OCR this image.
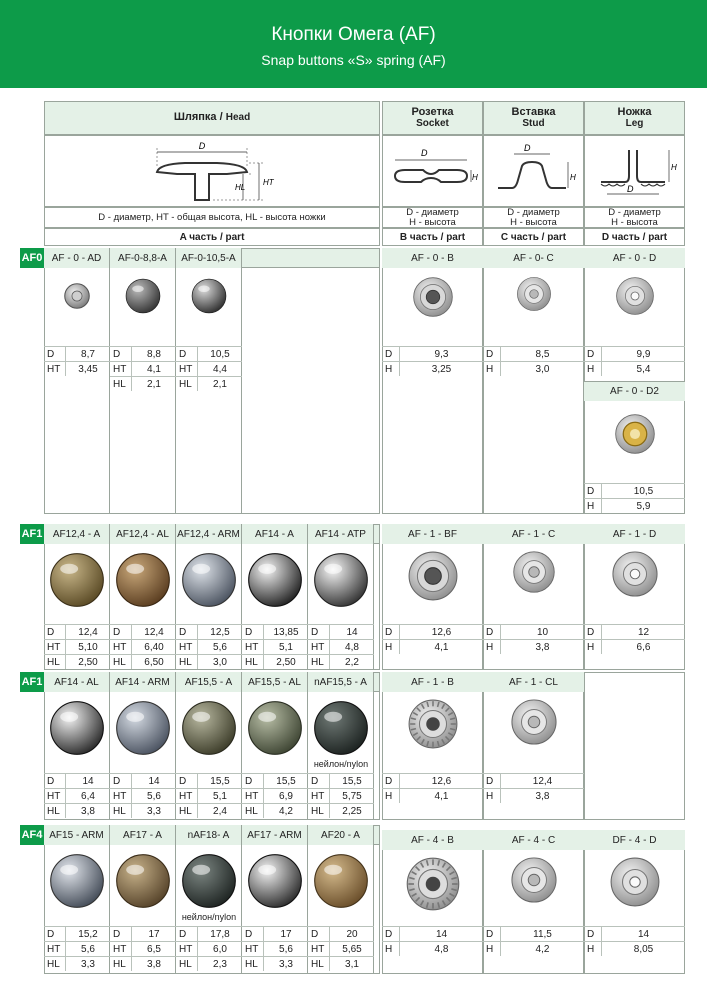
Кнопки Омега (AF)
Snap buttons «S» spring (AF)
Шляпка /
Head	Розетка
Socket
Вставка
Stud
Ножка
Leg
D
HL
HT
D
H
D
H
D
H
D - диаметр, HT - общая высота, HL - высота ножки	D - диаметр
H - высота
D - диаметр
H - высота
D - диаметр
H - высота
A часть / part	B часть / part	C часть / part	D часть / part
AF0 AF - 0 - AD
D	8,7
HT	3,45
AF-0-8,8-A
D	8,8
HT	4,1
HL	2,1
AF-0-10,5-A
D	10,5
HT	4,4
HL	2,1
AF - 0 - B
D	9,3
H	3,25
AF - 0- C
D	8,5
H	3,0
AF - 0 - D
D	9,9
H	5,4
AF - 0 - D2
D	10,5
H	5,9
AF1	AF12,4 - A
D	12,4
HT	5,10
HL	2,50
AF12,4 - AL
D	12,4
HT	6,40
HL	6,50
AF12,4 - ARM
D	12,5
HT	5,6
HL	3,0
AF14 - A
D	13,85
HT	5,1
HL	2,50
AF14 - ATP
D	14
HT	4,8
HL	2,2
AF - 1 - BF
D	12,6
H	4,1
AF - 1 - C
D	10
H	3,8
AF - 1 - D
D	12
H	6,6
AF1	AF14 - AL
D	14
HT	6,4
HL	3,8
AF14 - ARM
D	14
HT	5,6
HL	3,3
AF15,5 - A
D	15,5
HT	5,1
HL	2,4
AF15,5 - AL
D	15,5
HT	6,9
HL	4,2
nAF15,5 - A
нейлон/nylon
D	15,5
HT	5,75
HL	2,25
AF - 1 - B
D	12,6
H	4,1
AF - 1 - CL
D	12,4
H	3,8
AF4 AF15 - ARM
D	15,2
HT	5,6
HL	3,3
AF17 - A
D	17
HT	6,5
HL	3,8
nAF18- A
нейлон/nylon
D	17,8
HT	6,0
HL	2,3
AF17 - ARM
D	17
HT	5,6
HL	3,3
AF20 - A
D	20
HT	5,65
HL	3,1
AF - 4 - B
D	14
H	4,8
AF - 4 - C
D	11,5
H	4,2
DF - 4 - D
D	14
H	8,05
